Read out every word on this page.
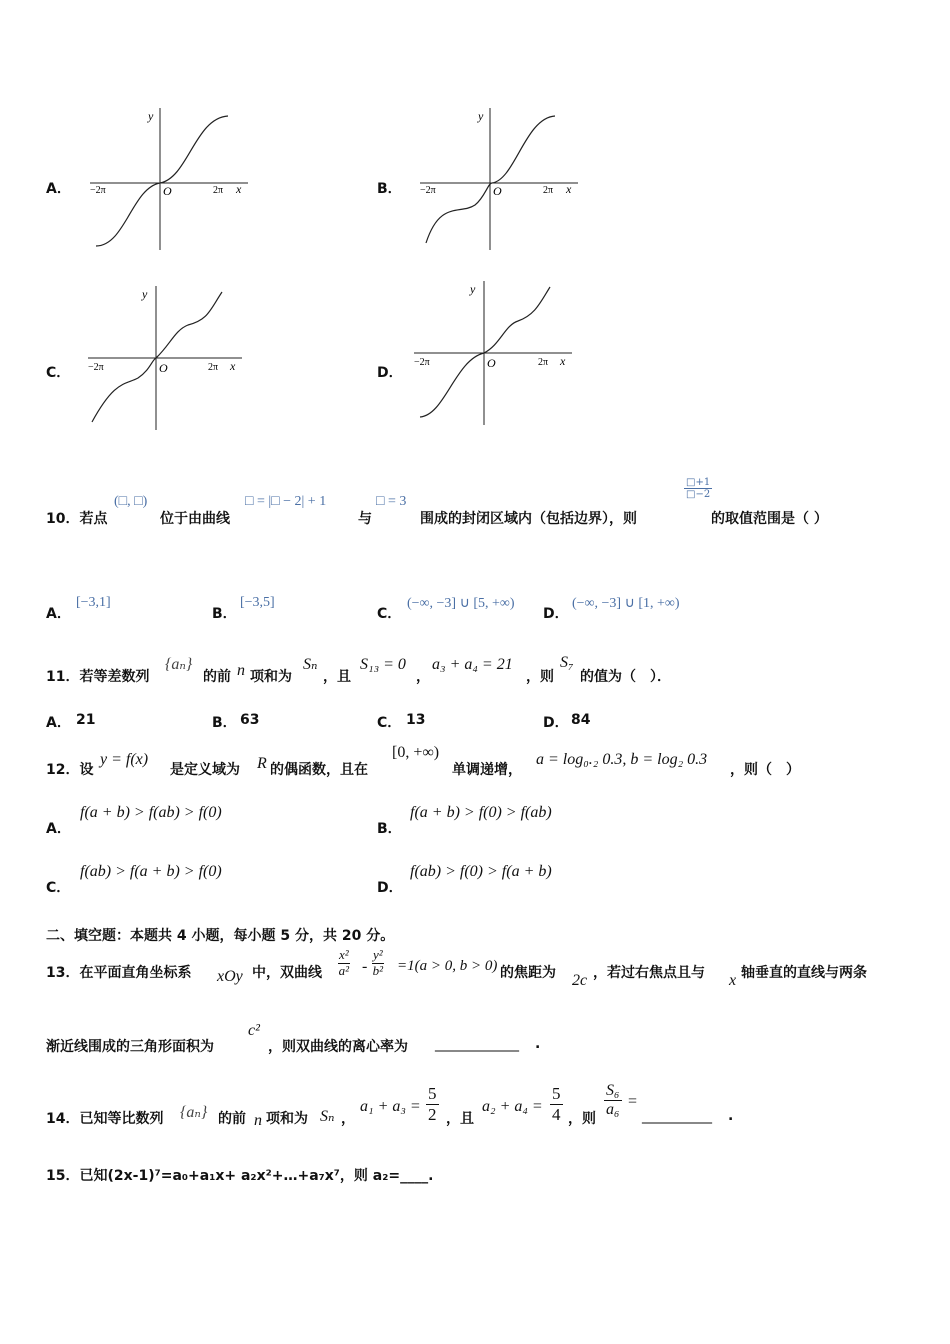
A．
y
x
O
−2π	2π	B．
y
x
O
−2π	2π
C．
y
x
O
−2π	2π	D．
y
x
O
−2π	2π
10．若点
(□, □)
位于由曲线
□ = |□ − 2| + 1
与
□ = 3
围成的封闭区域内（包括边界），则
$\frac{□+1}{□-2}$
的取值范围是（ ）
A．
[−3,1]
B．
[−3,5]
C．
(−∞, −3] ∪ [5, +∞)
D．
(−∞, −3] ∪ [1, +∞)
11．若等差数列
{aₙ}
的前 n 项和为
Sₙ
，且
S₁₃ = 0
，
a₃ + a₄ = 21
，则
S₇
的值为（　）．
A． 21	B． 63	C． 13	D． 84
12．设
y = f(x)
是定义域为 R 的偶函数，且在
[0, +∞)
单调递增，
a = log₀.₂ 0.3, b = log₂ 0.3
，则（　）
A．
f(a + b) > f(ab) > f(0)
B．
f(a + b) > f(0) > f(ab)
C．
f(ab) > f(a + b) > f(0)
D．
f(ab) > f(0) > f(a + b)
二、填空题：本题共 4 小题，每小题 5 分，共 20 分。
13．在平面直角坐标系 xOy 中，双曲线
x²
a² -
y²
b² =1(a > 0, b > 0) 的焦距为 2c ，若过右焦点且与 x 轴垂直的直线与两条
渐近线围成的三角形面积为
c²
，则双曲线的离心率为 ____________ .
14．已知等比数列 {aₙ} 的前 n 项和为 Sₙ ，
a₁ + a₃ =
5
2 ，且
a₂ + a₄ =
5
4 ，则
S₆
a₆ =
__________ .
15．已知(2x-1)⁷=a₀+a₁x+ a₂x²+…+a₇x⁷，则 a₂=____.
